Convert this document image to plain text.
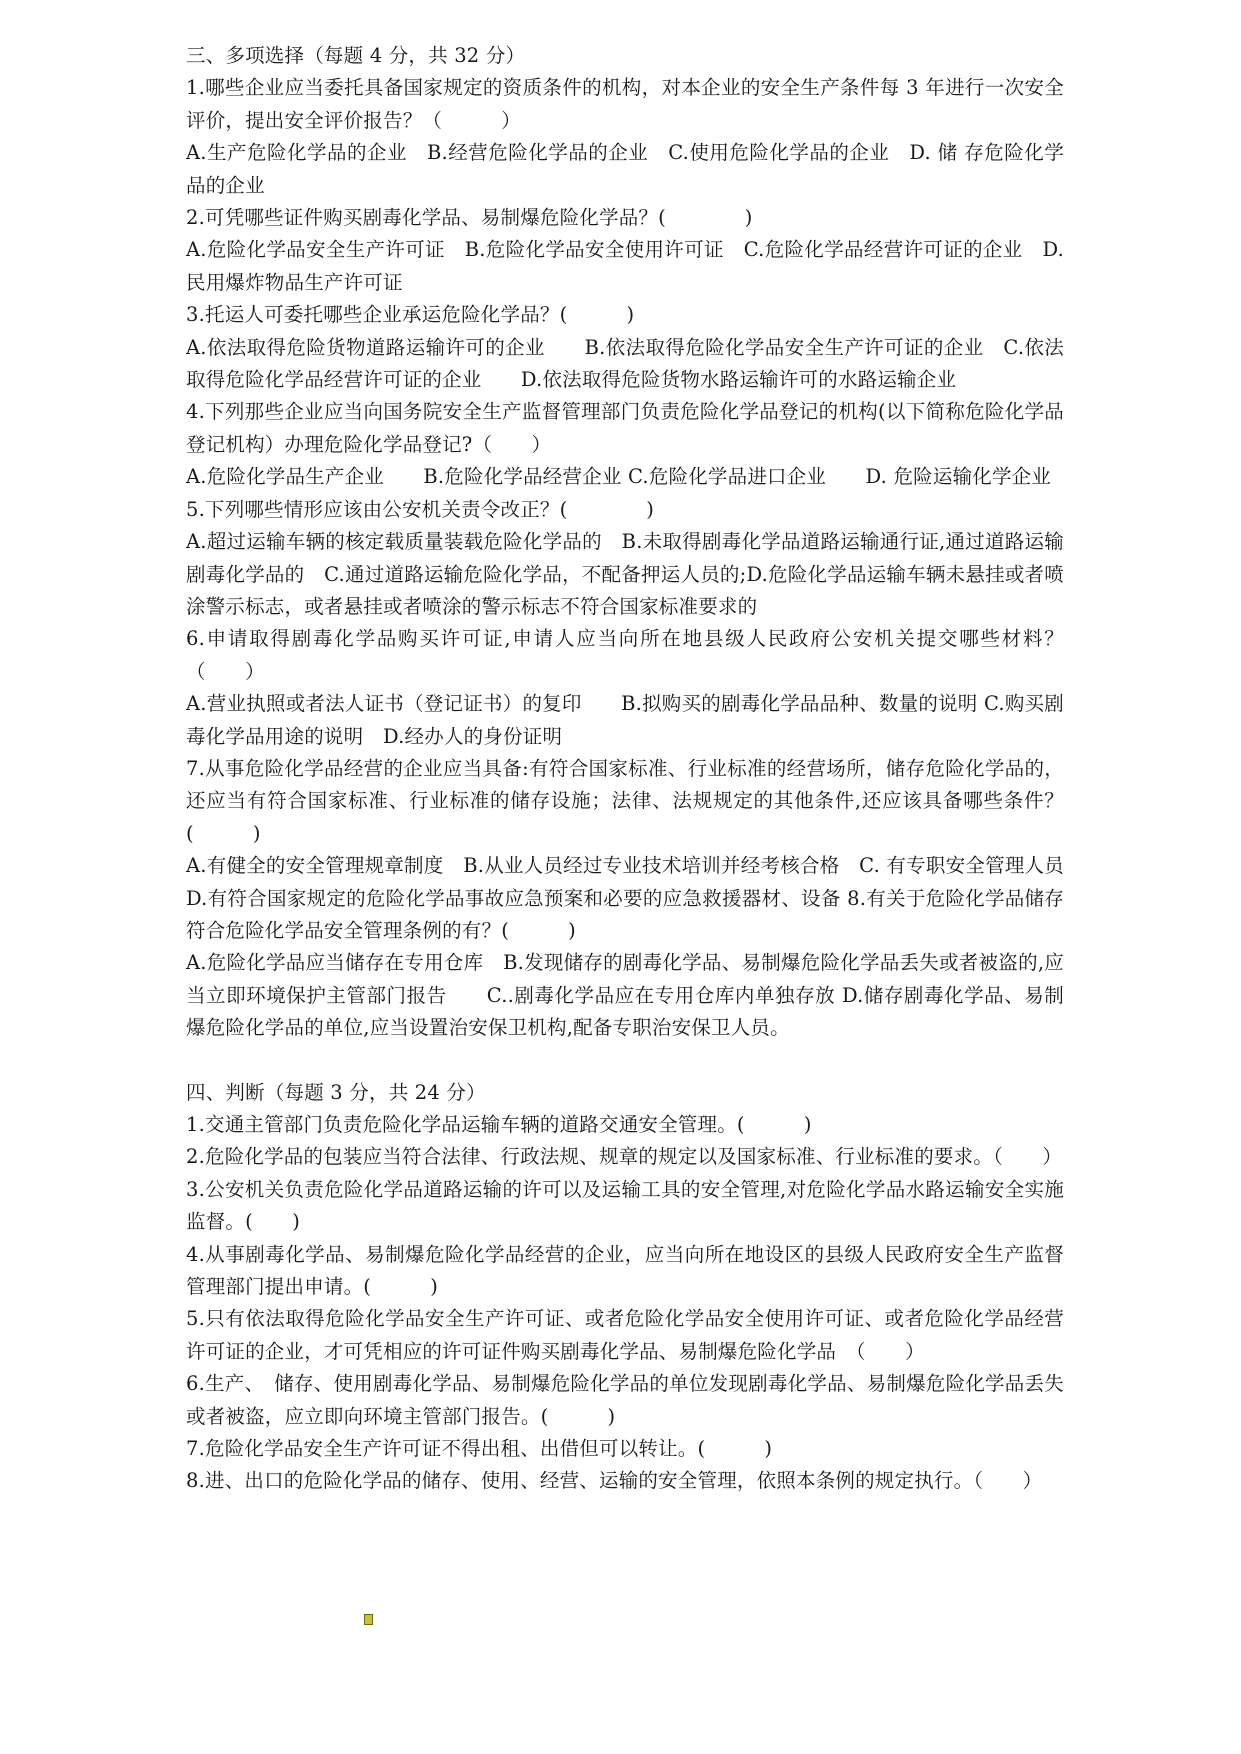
三、多项选择（每题 4 分，共 32 分）
1.哪些企业应当委托具备国家规定的资质条件的机构，对本企业的安全生产条件每 3 年进行一次安全评价，提出安全评价报告？（　　　）
A.生产危险化学品的企业　B.经营危险化学品的企业　C.使用危险化学品的企业　D. 储 存危险化学品的企业
2.可凭哪些证件购买剧毒化学品、易制爆危险化学品？(　　　　)
A.危险化学品安全生产许可证　B.危险化学品安全使用许可证　C.危险化学品经营许可证的企业　D.民用爆炸物品生产许可证
3.托运人可委托哪些企业承运危险化学品？(　　　)
A.依法取得危险货物道路运输许可的企业　　B.依法取得危险化学品安全生产许可证的企业　C.依法取得危险化学品经营许可证的企业　　D.依法取得危险货物水路运输许可的水路运输企业
4.下列那些企业应当向国务院安全生产监督管理部门负责危险化学品登记的机构(以下简称危险化学品登记机构）办理危险化学品登记?（　　）
A.危险化学品生产企业　　B.危险化学品经营企业 C.危险化学品进口企业　　D. 危险运输化学企业
5.下列哪些情形应该由公安机关责令改正？(　　　　)
A.超过运输车辆的核定载质量装载危险化学品的　B.未取得剧毒化学品道路运输通行证,通过道路运输剧毒化学品的　C.通过道路运输危险化学品，不配备押运人员的;D.危险化学品运输车辆未悬挂或者喷涂警示标志，或者悬挂或者喷涂的警示标志不符合国家标准要求的
6.申请取得剧毒化学品购买许可证,申请人应当向所在地县级人民政府公安机关提交哪些材料？（　　）
A.营业执照或者法人证书（登记证书）的复印　　B.拟购买的剧毒化学品品种、数量的说明 C.购买剧毒化学品用途的说明　D.经办人的身份证明
7.从事危险化学品经营的企业应当具备:有符合国家标准、行业标准的经营场所，储存危险化学品的，还应当有符合国家标准、行业标准的储存设施；法律、法规规定的其他条件,还应该具备哪些条件？　(　　　)
A.有健全的安全管理规章制度　B.从业人员经过专业技术培训并经考核合格　C. 有专职安全管理人员　D.有符合国家规定的危险化学品事故应急预案和必要的应急救援器材、设备 8.有关于危险化学品储存符合危险化学品安全管理条例的有？(　　　)
A.危险化学品应当储存在专用仓库　B.发现储存的剧毒化学品、易制爆危险化学品丢失或者被盗的,应当立即环境保护主管部门报告　　C..剧毒化学品应在专用仓库内单独存放 D.储存剧毒化学品、易制爆危险化学品的单位,应当设置治安保卫机构,配备专职治安保卫人员。
四、判断（每题 3 分，共 24 分）
1.交通主管部门负责危险化学品运输车辆的道路交通安全管理。(　　　)
2.危险化学品的包装应当符合法律、行政法规、规章的规定以及国家标准、行业标准的要求。（　　）
3.公安机关负责危险化学品道路运输的许可以及运输工具的安全管理,对危险化学品水路运输安全实施监督。(　　)
4.从事剧毒化学品、易制爆危险化学品经营的企业，应当向所在地设区的县级人民政府安全生产监督管理部门提出申请。(　　　)
5.只有依法取得危险化学品安全生产许可证、或者危险化学品安全使用许可证、或者危险化学品经营许可证的企业，才可凭相应的许可证件购买剧毒化学品、易制爆危险化学品　（　　）
6.生产、　储存、使用剧毒化学品、易制爆危险化学品的单位发现剧毒化学品、易制爆危险化学品丢失或者被盗，应立即向环境主管部门报告。(　　　)
7.危险化学品安全生产许可证不得出租、出借但可以转让。(　　　)
8.进、出口的危险化学品的储存、使用、经营、运输的安全管理，依照本条例的规定执行。（　　）
